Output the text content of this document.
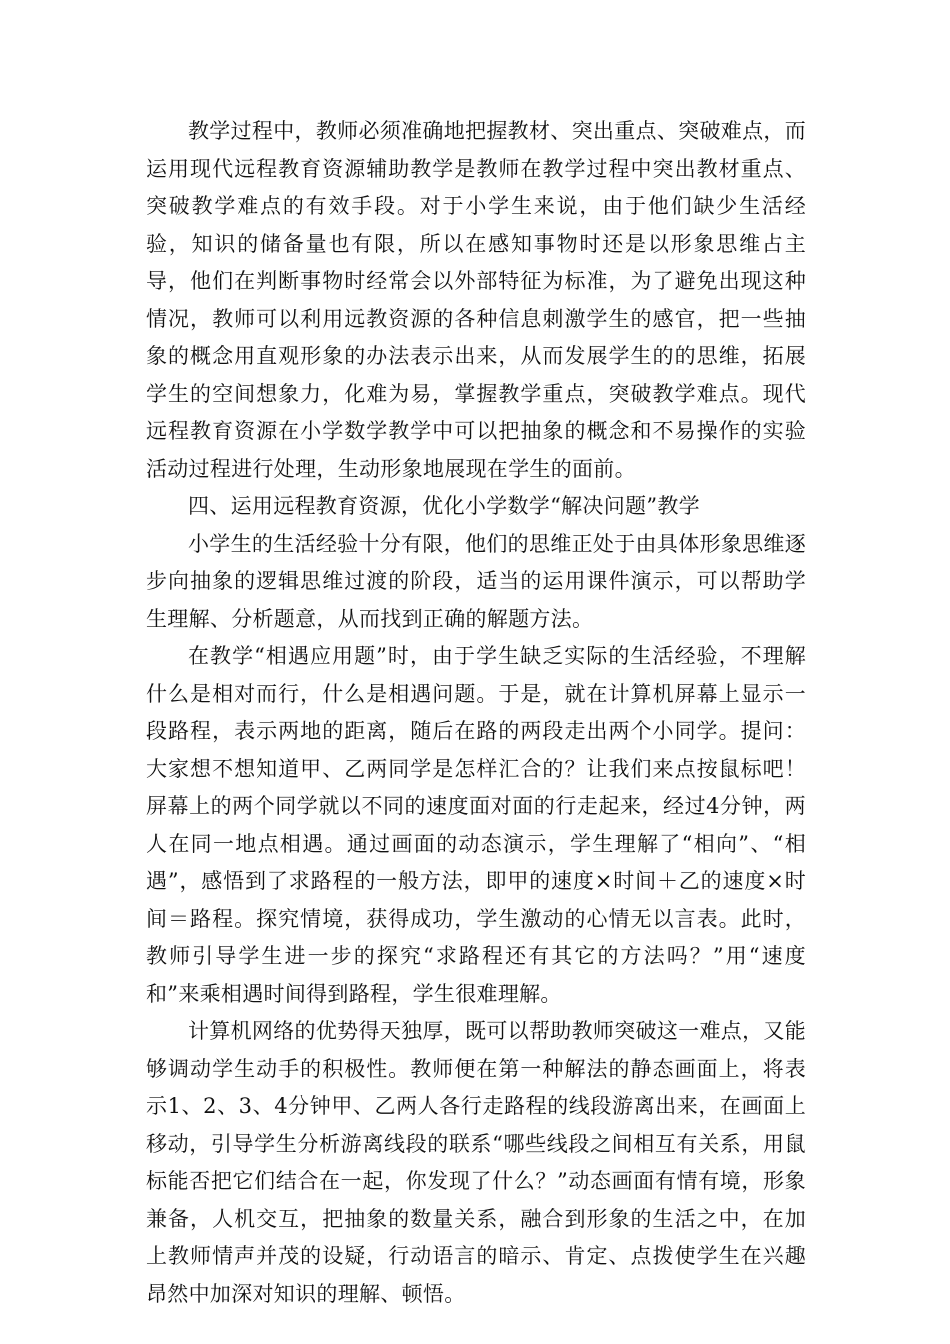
教学过程中，教师必须准确地把握教材、突出重点、突破难点，而运用现代远程教育资源辅助教学是教师在教学过程中突出教材重点、突破教学难点的有效手段。对于小学生来说，由于他们缺少生活经验，知识的储备量也有限，所以在感知事物时还是以形象思维占主导，他们在判断事物时经常会以外部特征为标准，为了避免出现这种情况，教师可以利用远教资源的各种信息刺激学生的感官，把一些抽象的概念用直观形象的办法表示出来，从而发展学生的的思维，拓展学生的空间想象力，化难为易，掌握教学重点，突破教学难点。现代远程教育资源在小学数学教学中可以把抽象的概念和不易操作的实验活动过程进行处理，生动形象地展现在学生的面前。

四、运用远程教育资源，优化小学数学“解决问题”教学

小学生的生活经验十分有限，他们的思维正处于由具体形象思维逐步向抽象的逻辑思维过渡的阶段，适当的运用课件演示，可以帮助学生理解、分析题意，从而找到正确的解题方法。

在教学“相遇应用题”时，由于学生缺乏实际的生活经验，不理解什么是相对而行，什么是相遇问题。于是，就在计算机屏幕上显示一段路程，表示两地的距离，随后在路的两段走出两个小同学。提问：大家想不想知道甲、乙两同学是怎样汇合的？让我们来点按鼠标吧！屏幕上的两个同学就以不同的速度面对面的行走起来，经过4分钟，两人在同一地点相遇。通过画面的动态演示，学生理解了“相向”、“相遇”，感悟到了求路程的一般方法，即甲的速度×时间＋乙的速度×时间＝路程。探究情境，获得成功，学生激动的心情无以言表。此时，教师引导学生进一步的探究“求路程还有其它的方法吗？”用“速度和”来乘相遇时间得到路程，学生很难理解。

计算机网络的优势得天独厚，既可以帮助教师突破这一难点，又能够调动学生动手的积极性。教师便在第一种解法的静态画面上，将表示1、2、3、4分钟甲、乙两人各行走路程的线段游离出来，在画面上移动，引导学生分析游离线段的联系“哪些线段之间相互有关系，用鼠标能否把它们结合在一起，你发现了什么？”动态画面有情有境，形象兼备，人机交互，把抽象的数量关系，融合到形象的生活之中，在加上教师情声并茂的设疑，行动语言的暗示、肯定、点拨使学生在兴趣昂然中加深对知识的理解、顿悟。
